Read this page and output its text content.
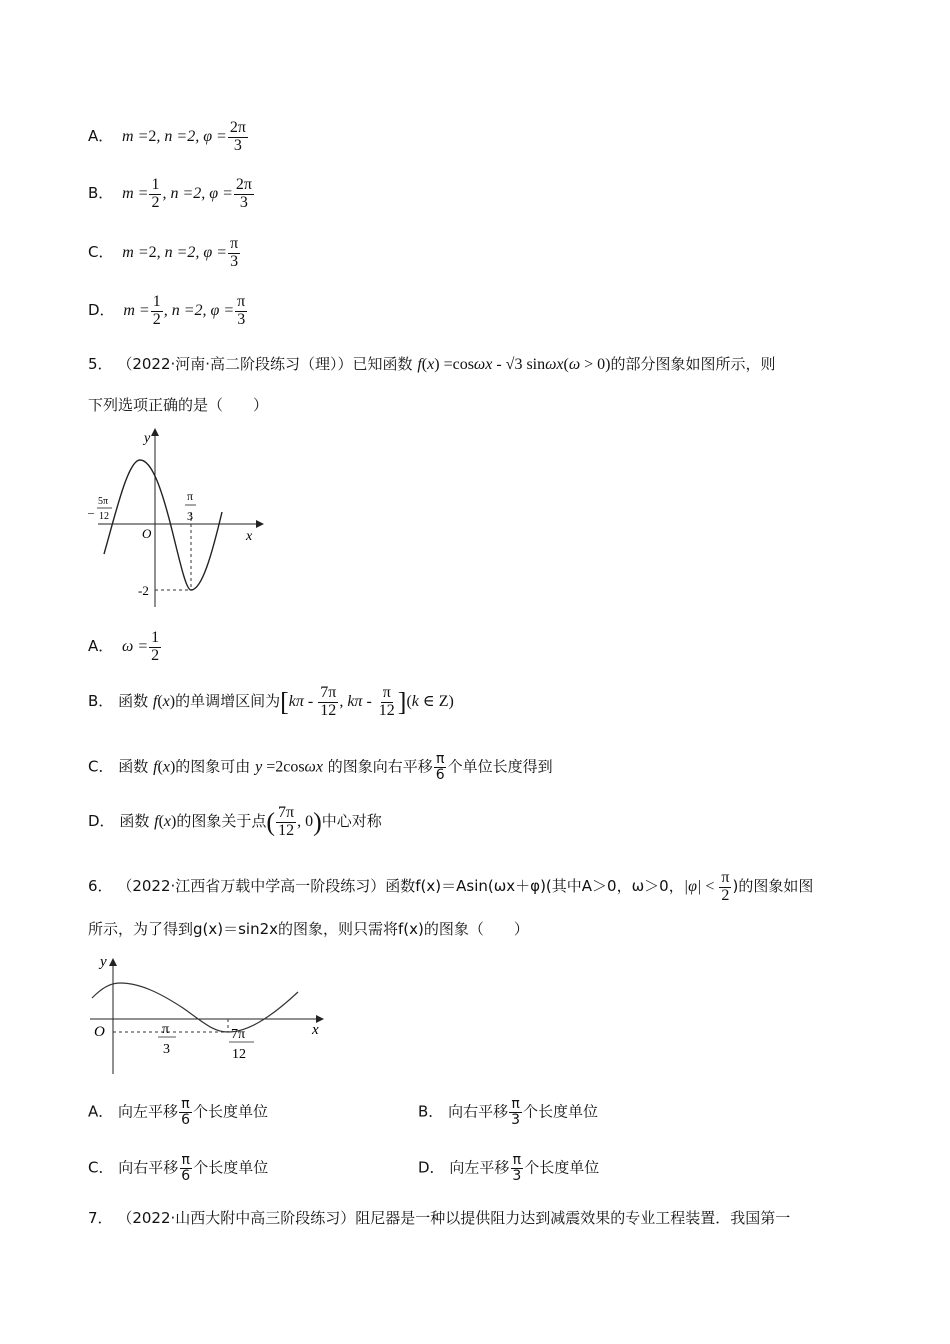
A．  m =2, n =2, $\varphi = \frac{2\pi}{3}$
B．  $m = \frac{1}{2}$ , n =2, $\varphi = \frac{2\pi}{3}$
C．  m =2, n =2, $\varphi = \frac{\pi}{3}$
D．  $m = \frac{1}{2}$ , n =2, $\varphi = \frac{\pi}{3}$
5． （2022·河南·高二阶段练习（理））已知函数 f(x) =cosωx - √3 sinωx(ω > 0)的部分图象如图所示，则
下列选项正确的是（　　）
y
x
O
–
5π
12
π
3
-2
A．  $\omega = \frac{1}{2}$
B． 函数 f(x)的单调增区间为[$k\pi - \frac{7\pi}{12}$ , kπ - $\frac{\pi}{12} ](k$ ∈ Z)
C． 函数 f(x)的图象可由 y =2cosωx 的图象向右平移 $\frac{\pi}{6}$ 个单位长度得到
D． 函数 f(x)的图象关于点( $\frac{7\pi}{12}$ , 0)中心对称
6． （2022·江西省万载中学高一阶段练习）函数f(x)＝Asin(ωx＋φ)(其中A＞0，ω＞0，$|\varphi| < \frac{\pi}{2}$ )的图象如图
所示，为了得到g(x)＝sin2x的图象，则只需将f(x)的图象（　　）
y
x
O	π
3
7π
12
A． 向左平移 $\frac{\pi}{6}$ 个长度单位	B． 向右平移 $\frac{\pi}{3}$ 个长度单位
C． 向右平移 $\frac{\pi}{6}$ 个长度单位	D． 向左平移 $\frac{\pi}{3}$ 个长度单位
7． （2022·山西大附中高三阶段练习）阻尼器是一种以提供阻力达到减震效果的专业工程装置．我国第一
